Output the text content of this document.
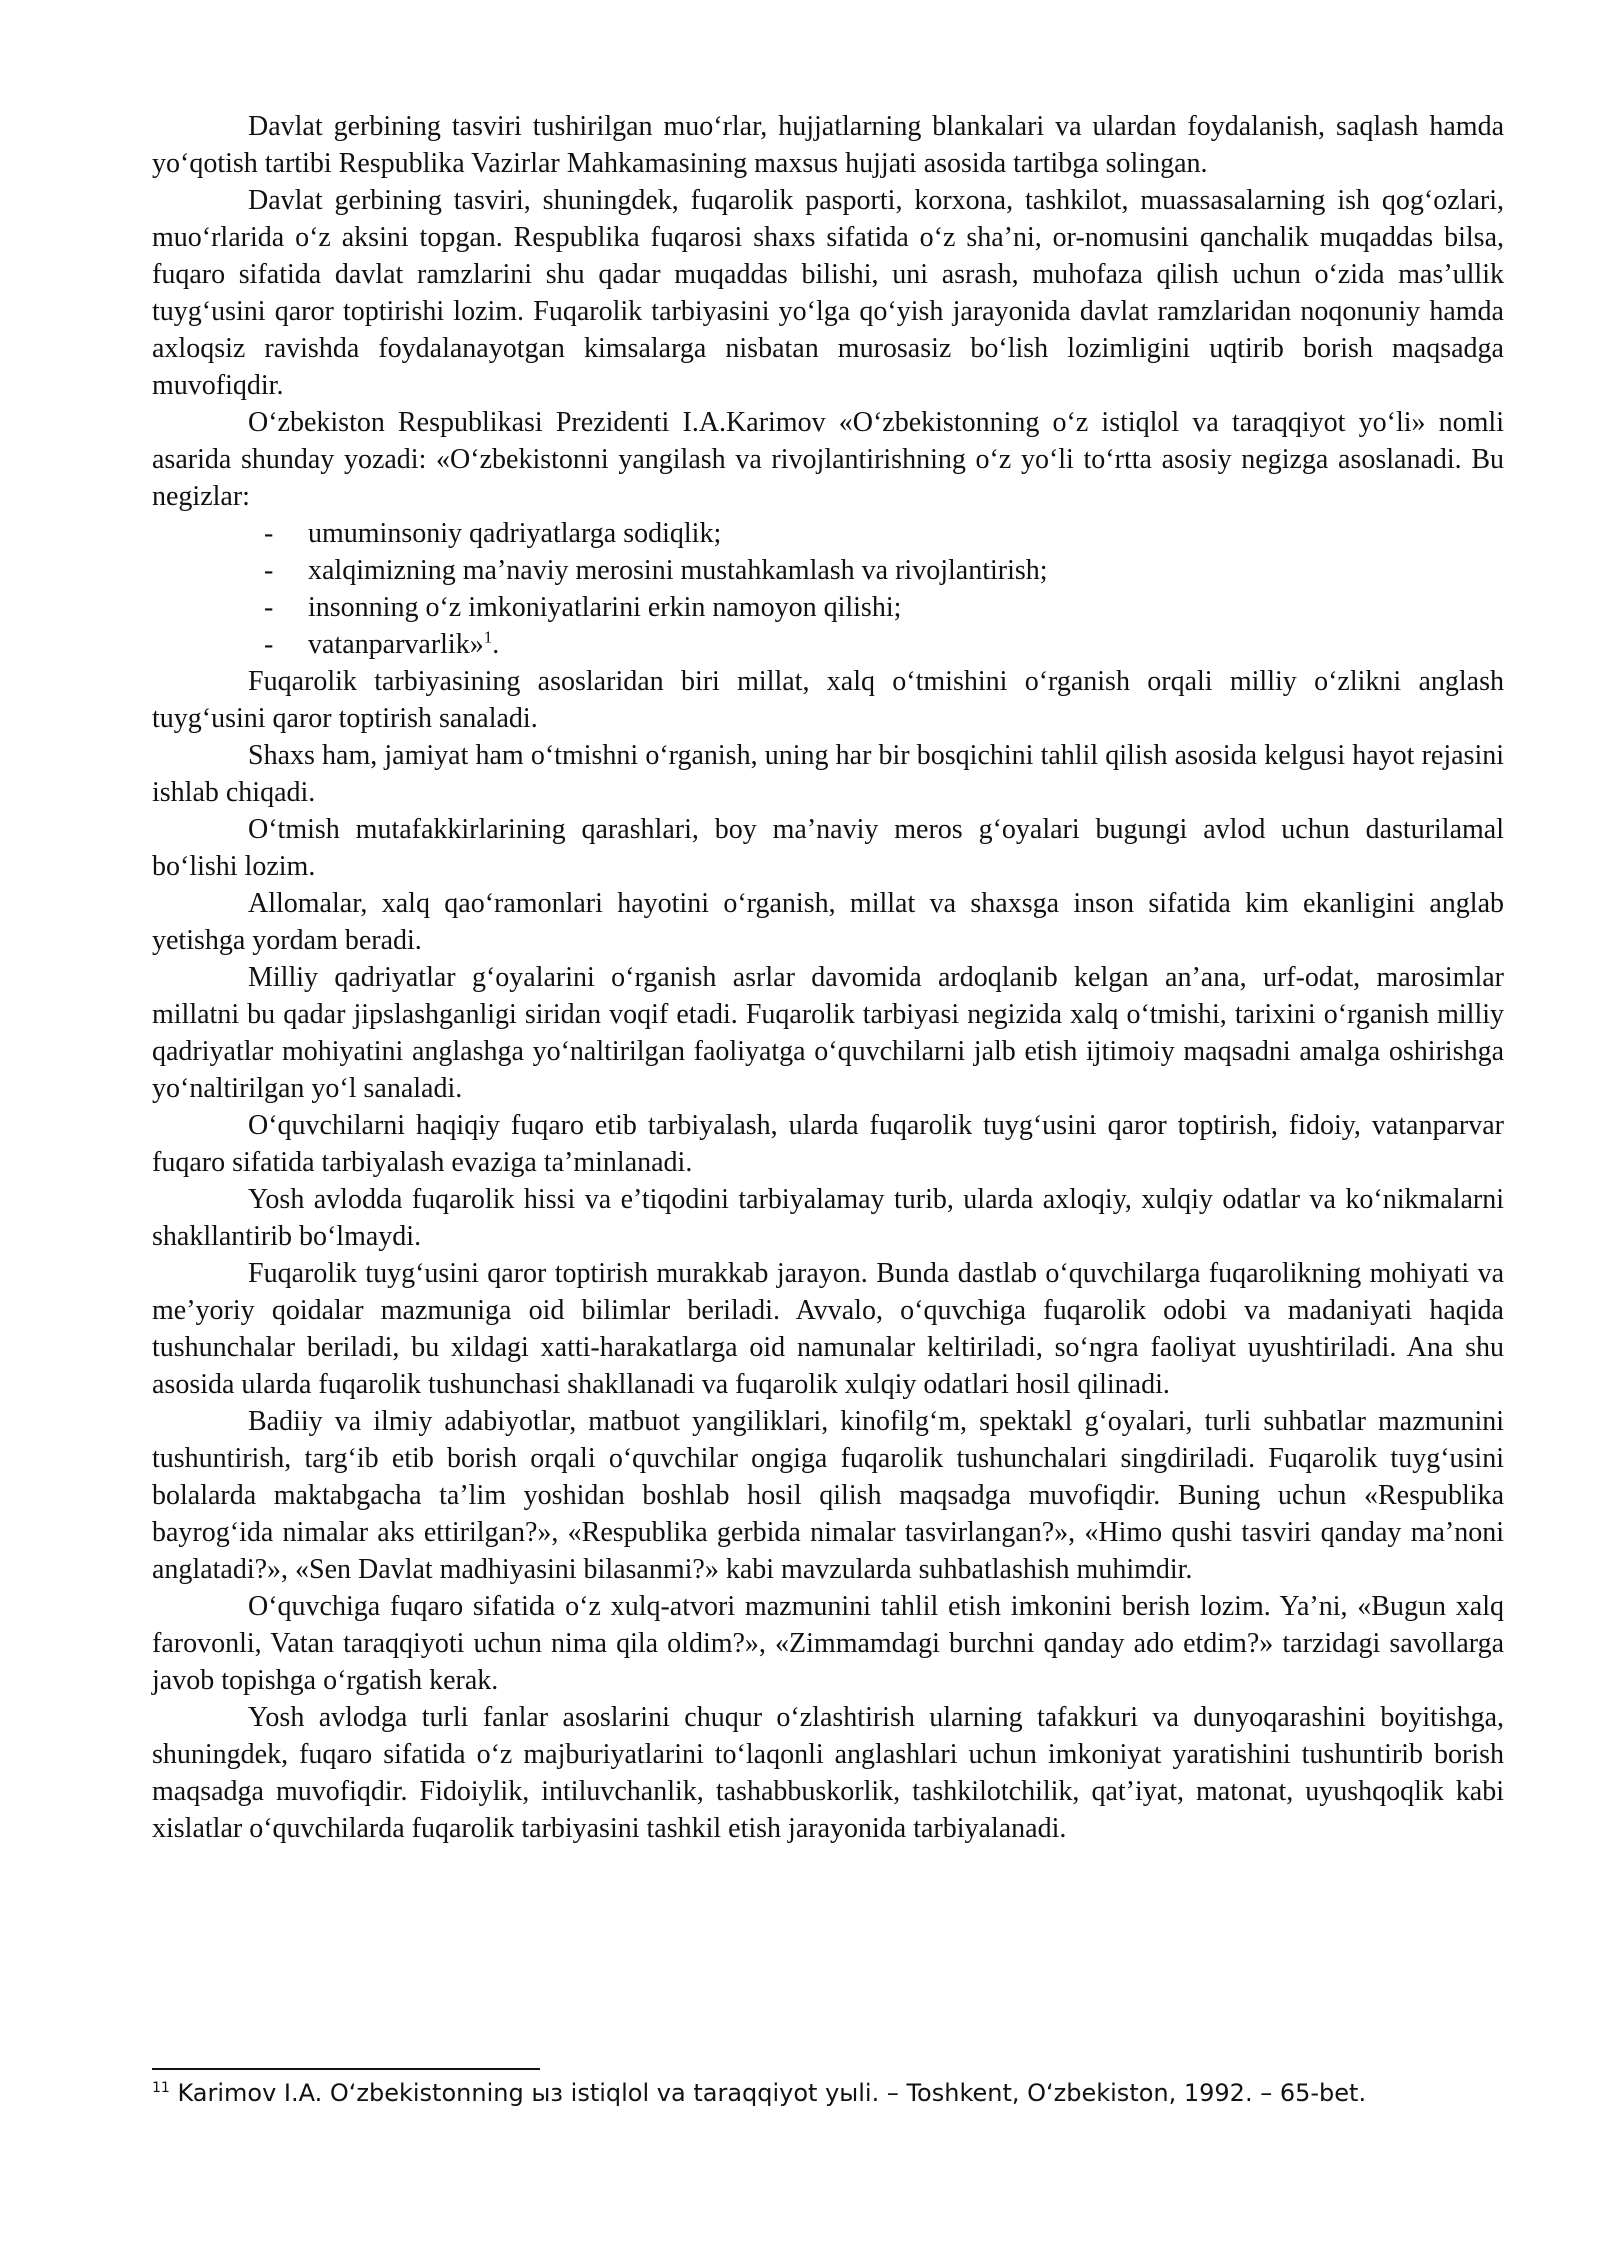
Davlat gerbining tasviri tushirilgan muo‘rlar, hujjatlarning blankalari va ulardan foydalanish, saqlash hamda yo‘qotish tartibi Respublika Vazirlar Mahkamasining maxsus hujjati asosida tartibga solingan.

Davlat gerbining tasviri, shuningdek, fuqarolik pasporti, korxona, tashkilot, muassasalarning ish qog‘ozlari, muo‘rlarida o‘z aksini topgan. Respublika fuqarosi shaxs sifatida o‘z sha’ni, or-nomusini qanchalik muqaddas bilsa, fuqaro sifatida davlat ramzlarini shu qadar muqaddas bilishi, uni asrash, muhofaza qilish uchun o‘zida mas’ullik tuyg‘usini qaror toptirishi lozim. Fuqarolik tarbiyasini yo‘lga qo‘yish jarayonida davlat ramzlaridan noqonuniy hamda axloqsiz ravishda foydalanayotgan kimsalarga nisbatan murosasiz bo‘lish lozimligini uqtirib borish maqsadga muvofiqdir.

O‘zbekiston Respublikasi Prezidenti I.A.Karimov «O‘zbekistonning o‘z istiqlol va taraqqiyot yo‘li» nomli asarida shunday yozadi: «O‘zbekistonni yangilash va rivojlantirishning o‘z yo‘li to‘rtta asosiy negizga asoslanadi. Bu negizlar:

- umuminsoniy qadriyatlarga sodiqlik;
- xalqimizning ma’naviy merosini mustahkamlash va rivojlantirish;
- insonning o‘z imkoniyatlarini erkin namoyon qilishi;
- vatanparvarlik»$^1$.

Fuqarolik tarbiyasining asoslaridan biri millat, xalq o‘tmishini o‘rganish orqali milliy o‘zlikni anglash tuyg‘usini qaror toptirish sanaladi.

Shaxs ham, jamiyat ham o‘tmishni o‘rganish, uning har bir bosqichini tahlil qilish asosida kelgusi hayot rejasini ishlab chiqadi.

O‘tmish mutafakkirlarining qarashlari, boy ma’naviy meros g‘oyalari bugungi avlod uchun dasturilamal bo‘lishi lozim.

Allomalar, xalq qao‘ramonlari hayotini o‘rganish, millat va shaxsga inson sifatida kim ekanligini anglab yetishga yordam beradi.

Milliy qadriyatlar g‘oyalarini o‘rganish asrlar davomida ardoqlanib kelgan an’ana, urf-odat, marosimlar millatni bu qadar jipslashganligi siridan voqif etadi. Fuqarolik tarbiyasi negizida xalq o‘tmishi, tarixini o‘rganish milliy qadriyatlar mohiyatini anglashga yo‘naltirilgan faoliyatga o‘quvchilarni jalb etish ijtimoiy maqsadni amalga oshirishga yo‘naltirilgan yo‘l sanaladi.

O‘quvchilarni haqiqiy fuqaro etib tarbiyalash, ularda fuqarolik tuyg‘usini qaror toptirish, fidoiy, vatanparvar fuqaro sifatida tarbiyalash evaziga ta’minlanadi.

Yosh avlodda fuqarolik hissi va e’tiqodini tarbiyalamay turib, ularda axloqiy, xulqiy odatlar va ko‘nikmalarni shakllantirib bo‘lmaydi.

Fuqarolik tuyg‘usini qaror toptirish murakkab jarayon. Bunda dastlab o‘quvchilarga fuqarolikning mohiyati va me’yoriy qoidalar mazmuniga oid bilimlar beriladi. Avvalo, o‘quvchiga fuqarolik odobi va madaniyati haqida tushunchalar beriladi, bu xildagi xatti-harakatlarga oid namunalar keltiriladi, so‘ngra faoliyat uyushtiriladi. Ana shu asosida ularda fuqarolik tushunchasi shakllanadi va fuqarolik xulqiy odatlari hosil qilinadi.

Badiiy va ilmiy adabiyotlar, matbuot yangiliklari, kinofilg‘m, spektakl g‘oyalari, turli suhbatlar mazmunini tushuntirish, targ‘ib etib borish orqali o‘quvchilar ongiga fuqarolik tushunchalari singdiriladi. Fuqarolik tuyg‘usini bolalarda maktabgacha ta’lim yoshidan boshlab hosil qilish maqsadga muvofiqdir. Buning uchun «Respublika bayrog‘ida nimalar aks ettirilgan?», «Respublika gerbida nimalar tasvirlangan?», «Himo qushi tasviri qanday ma’noni anglatadi?», «Sen Davlat madhiyasini bilasanmi?» kabi mavzularda suhbatlashish muhimdir.

O‘quvchiga fuqaro sifatida o‘z xulq-atvori mazmunini tahlil etish imkonini berish lozim. Ya’ni, «Bugun xalq farovonli, Vatan taraqqiyoti uchun nima qila oldim?», «Zimmamdagi burchni qanday ado etdim?» tarzidagi savollarga javob topishga o‘rgatish kerak.

Yosh avlodga turli fanlar asoslarini chuqur o‘zlashtirish ularning tafakkuri va dunyoqarashini boyitishga, shuningdek, fuqaro sifatida o‘z majburiyatlarini to‘laqonli anglashlari uchun imkoniyat yaratishini tushuntirib borish maqsadga muvofiqdir. Fidoiylik, intiluvchanlik, tashabbuskorlik, tashkilotchilik, qat’iyat, matonat, uyushqoqlik kabi xislatlar o‘quvchilarda fuqarolik tarbiyasini tashkil etish jarayonida tarbiyalanadi.

$^{11}$ Karimov I.A. O‘zbekistonning ыз istiqlol va taraqqiyot уыlі. – Toshkent, O‘zbekiston, 1992. – 65-bet.
